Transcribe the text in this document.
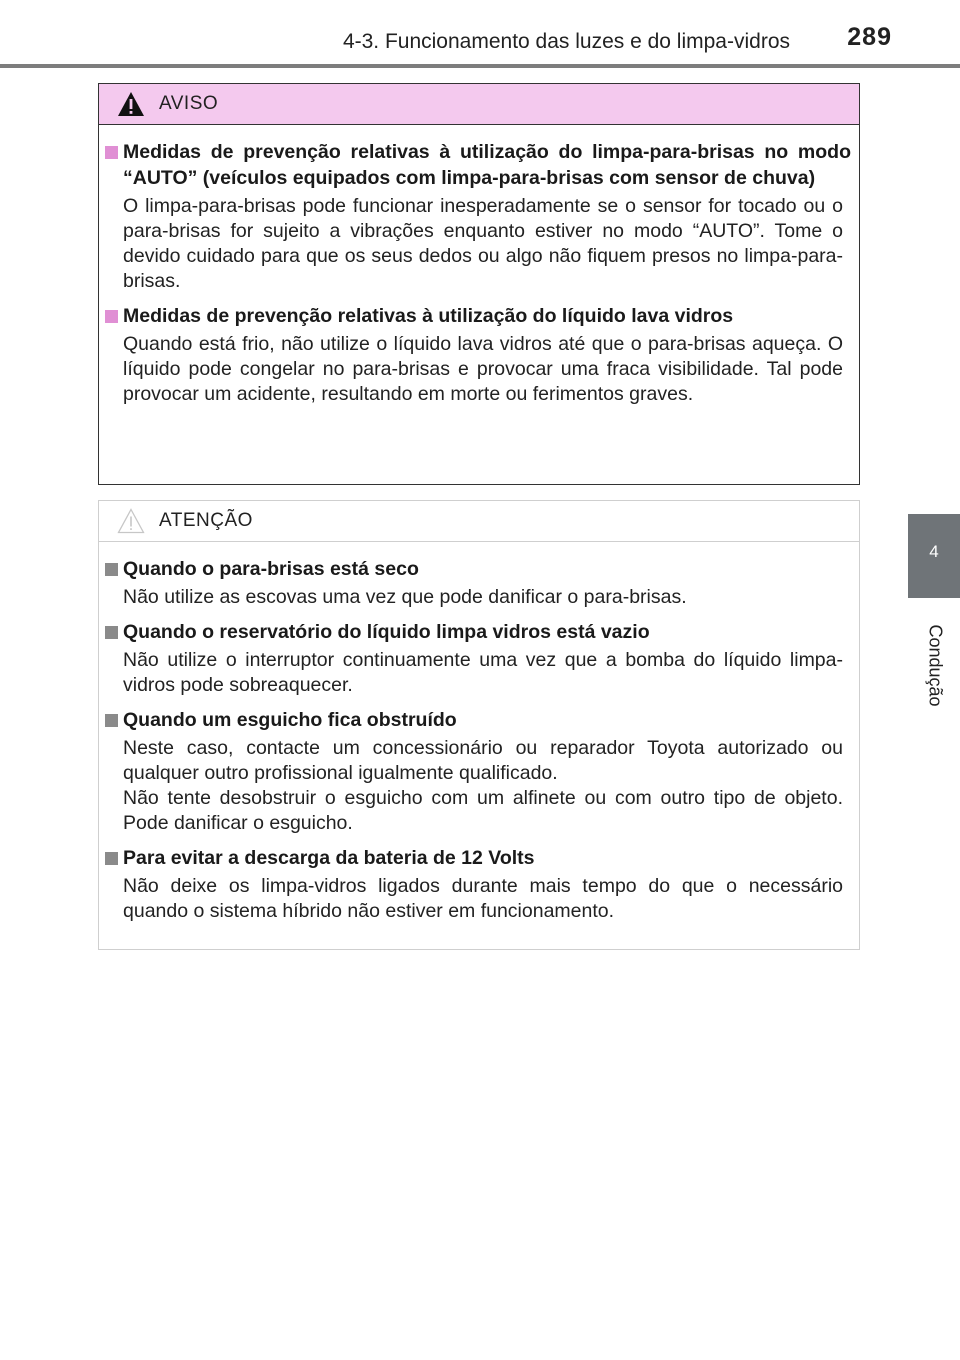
4-3. Funcionamento das luzes e do limpa-vidros	289
4
Condução
AVISO
Medidas de prevenção relativas à utilização do limpa-para-brisas no modo “AUTO” (veículos equipados com limpa-para-brisas com sensor de chuva)

O limpa-para-brisas pode funcionar inesperadamente se o sensor for tocado ou o para-brisas for sujeito a vibrações enquanto estiver no modo “AUTO”. Tome o devido cuidado para que os seus dedos ou algo não fiquem presos no limpa-para-brisas.

Medidas de prevenção relativas à utilização do líquido lava vidros

Quando está frio, não utilize o líquido lava vidros até que o para-brisas aqueça. O líquido pode congelar no para-brisas e provocar uma fraca visibilidade. Tal pode provocar um acidente, resultando em morte ou ferimentos graves.

ATENÇÃO
Quando o para-brisas está seco

Não utilize as escovas uma vez que pode danificar o para-brisas.

Quando o reservatório do líquido limpa vidros está vazio

Não utilize o interruptor continuamente uma vez que a bomba do líquido limpa-vidros pode sobreaquecer.

Quando um esguicho fica obstruído

Neste caso, contacte um concessionário ou reparador Toyota autorizado ou qualquer outro profissional igualmente qualificado.

Não tente desobstruir o esguicho com um alfinete ou com outro tipo de objeto. Pode danificar o esguicho.

Para evitar a descarga da bateria de 12 Volts

Não deixe os limpa-vidros ligados durante mais tempo do que o necessário quando o sistema híbrido não estiver em funcionamento.
